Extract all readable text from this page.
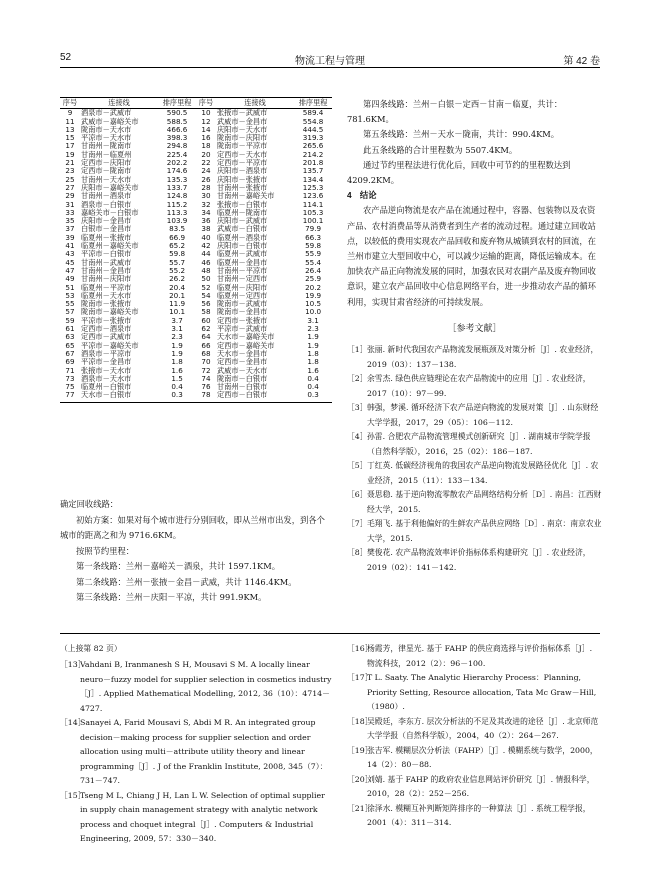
52	物流工程与管理	第 42 卷
序号	连接线	排序里程	序号	连接线	排序里程
9	酒泉市－武威市	590.5	10	张掖市－武威市	589.4
11	武威市－嘉峪关市	588.5	12	武威市－金昌市	554.8
13	陇南市－天水市	466.6	14	庆阳市－天水市	444.5
15	平凉市－天水市	398.3	16	陇南市－庆阳市	319.3
17	甘南州－陇南市	294.8	18	陇南市－平凉市	265.6
19	甘南州－临夏州	225.4	20	定西市－天水市	214.2
21	定西市－庆阳市	202.2	22	定西市－平凉市	201.8
23	定西市－陇南市	174.6	24	庆阳市－酒泉市	135.7
25	甘南州－天水市	135.3	26	庆阳市－张掖市	134.4
27	庆阳市－嘉峪关市	133.7	28	甘南州－张掖市	125.3
29	甘南州－酒泉市	124.8	30	甘南州－嘉峪关市	123.6
31	酒泉市－白银市	115.2	32	张掖市－白银市	114.1
33	嘉峪关市－白银市	113.3	34	临夏州－陇南市	105.3
35	庆阳市－金昌市	103.9	36	庆阳市－武威市	100.1
37	白银市－金昌市	83.5	38	武威市－白银市	79.9
39	临夏州－张掖市	66.9	40	临夏州－酒泉市	66.3
41	临夏州－嘉峪关市	65.2	42	庆阳市－白银市	59.8
43	平凉市－白银市	59.8	44	临夏州－武威市	55.9
45	甘南州－武威市	55.7	46	临夏州－金昌市	55.4
47	甘南州－金昌市	55.2	48	甘南州－平凉市	26.4
49	甘南州－庆阳市	26.2	50	甘南州－定西市	25.9
51	临夏州－平凉市	20.4	52	临夏州－庆阳市	20.2
53	临夏州－天水市	20.1	54	临夏州－定西市	19.9
55	陇南市－张掖市	11.9	56	陇南市－武威市	10.5
57	陇南市－嘉峪关市	10.1	58	陇南市－金昌市	10.0
59	平凉市－张掖市	3.7	60	定西市－张掖市	3.1
61	定西市－酒泉市	3.1	62	平凉市－武威市	2.3
63	定西市－武威市	2.3	64	天水市－嘉峪关市	1.9
65	平凉市－嘉峪关市	1.9	66	定西市－嘉峪关市	1.9
67	酒泉市－平凉市	1.9	68	天水市－金昌市	1.8
69	平凉市－金昌市	1.8	70	定西市－金昌市	1.8
71	张掖市－天水市	1.6	72	武威市－天水市	1.6
73	酒泉市－天水市	1.5	74	陇南市－白银市	0.4
75	临夏州－白银市	0.4	76	甘南州－白银市	0.4
77	天水市－白银市	0.3	78	定西市－白银市	0.3

确定回收线路：

初始方案：如果对每个城市进行分别回收，即从兰州市出发，到各个城市的距离之和为 9716.6KM。

按照节约里程：

第一条线路：兰州－嘉峪关－酒泉，共计 1597.1KM。

第二条线路：兰州－张掖－金昌－武威，共计 1146.4KM。

第三条线路：兰州－庆阳－平凉，共计 991.9KM。

第四条线路：兰州－白银－定西－甘南－临夏，共计：781.6KM。

第五条线路：兰州－天水－陇南，共计：990.4KM。

此五条线路的合计里程数为 5507.4KM。

通过节约里程法进行优化后，回收中可节约的里程数达到 4209.2KM。

4　结论

农产品逆向物流是农产品在流通过程中，容器、包装物以及农资产品、农村消费品等从消费者到生产者的流动过程。通过建立回收站点，以较低的费用实现农产品回收和废弃物从城镇到农村的回流，在兰州市建立大型回收中心，可以减少运输的距离，降低运输成本。在加快农产品正向物流发展的同时，加强农民对农副产品及废弃物回收意识，建立农产品回收中心信息网络平台，进一步推动农产品的循环利用，实现甘肃省经济的可持续发展。

［参考文献］
［1］ 张丽. 新时代我国农产品物流发展瓶颈及对策分析［J］. 农业经济，2019（03）：137－138.
［2］ 余雪杰. 绿色供应链理论在农产品物流中的应用［J］. 农业经济，2017（10）：97－99.
［3］ 韩强，梦溪. 循环经济下农产品逆向物流的发展对策［J］. 山东财经大学学报，2017，29（05）：106－112.
［4］ 孙雷. 合肥农产品物流管理模式创新研究［J］. 湖南城市学院学报（自然科学版），2016，25（02）：186－187.
［5］ 丁红英. 低碳经济视角的我国农产品逆向物流发展路径优化［J］. 农业经济，2015（11）：133－134.
［6］ 聂思稳. 基于逆向物流零散农产品网络结构分析［D］. 南昌：江西财经大学，2015.
［7］ 毛翔飞. 基于利他偏好的生鲜农产品供应网络［D］. 南京：南京农业大学，2015.
［8］ 樊俊花. 农产品物流效率评价指标体系构建研究［J］. 农业经济，2019（02）：141－142.
（上接第 82 页）
［13］
Vahdani B, Iranmanesh S H, Mousavi S M. A locally linear neuro－fuzzy model for supplier selection in cosmetics industry［J］. Applied Mathematical Modelling, 2012, 36（10）：4714－4727.
［14］
Sanayei A, Farid Mousavi S, Abdi M R. An integrated group decision－making process for supplier selection and order allocation using multi－attribute utility theory and linear programming［J］. J of the Franklin Institute, 2008, 345（7）：731－747.
［15］
Tseng M L, Chiang J H, Lan L W. Selection of optimal supplier in supply chain management strategy with analytic network process and choquet integral［J］. Computers & Industrial Engineering, 2009, 57：330－340.
［16］
杨霞芳，律星光. 基于 FAHP 的供应商选择与评价指标体系［J］. 物流科技，2012（2）：96－100.
［17］
T L. Saaty. The Analytic Hierarchy Process：Planning, Priority Setting, Resource allocation, Tata Mc Graw－Hill,（1980）.
［18］
吴殿廷，李东方. 层次分析法的不足及其改进的途径［J］. 北京师范大学学报（自然科学版），2004，40（2）：264－267.
［19］
张吉军. 模糊层次分析法（FAHP）［J］. 模糊系统与数学，2000，14（2）：80－88.
［20］
刘婧. 基于 FAHP 的政府农业信息网站评价研究［J］. 情报科学，2010，28（2）：252－256.
［21］
徐泽水. 模糊互补判断矩阵排序的一种算法［J］. 系统工程学报，2001（4）：311－314.
